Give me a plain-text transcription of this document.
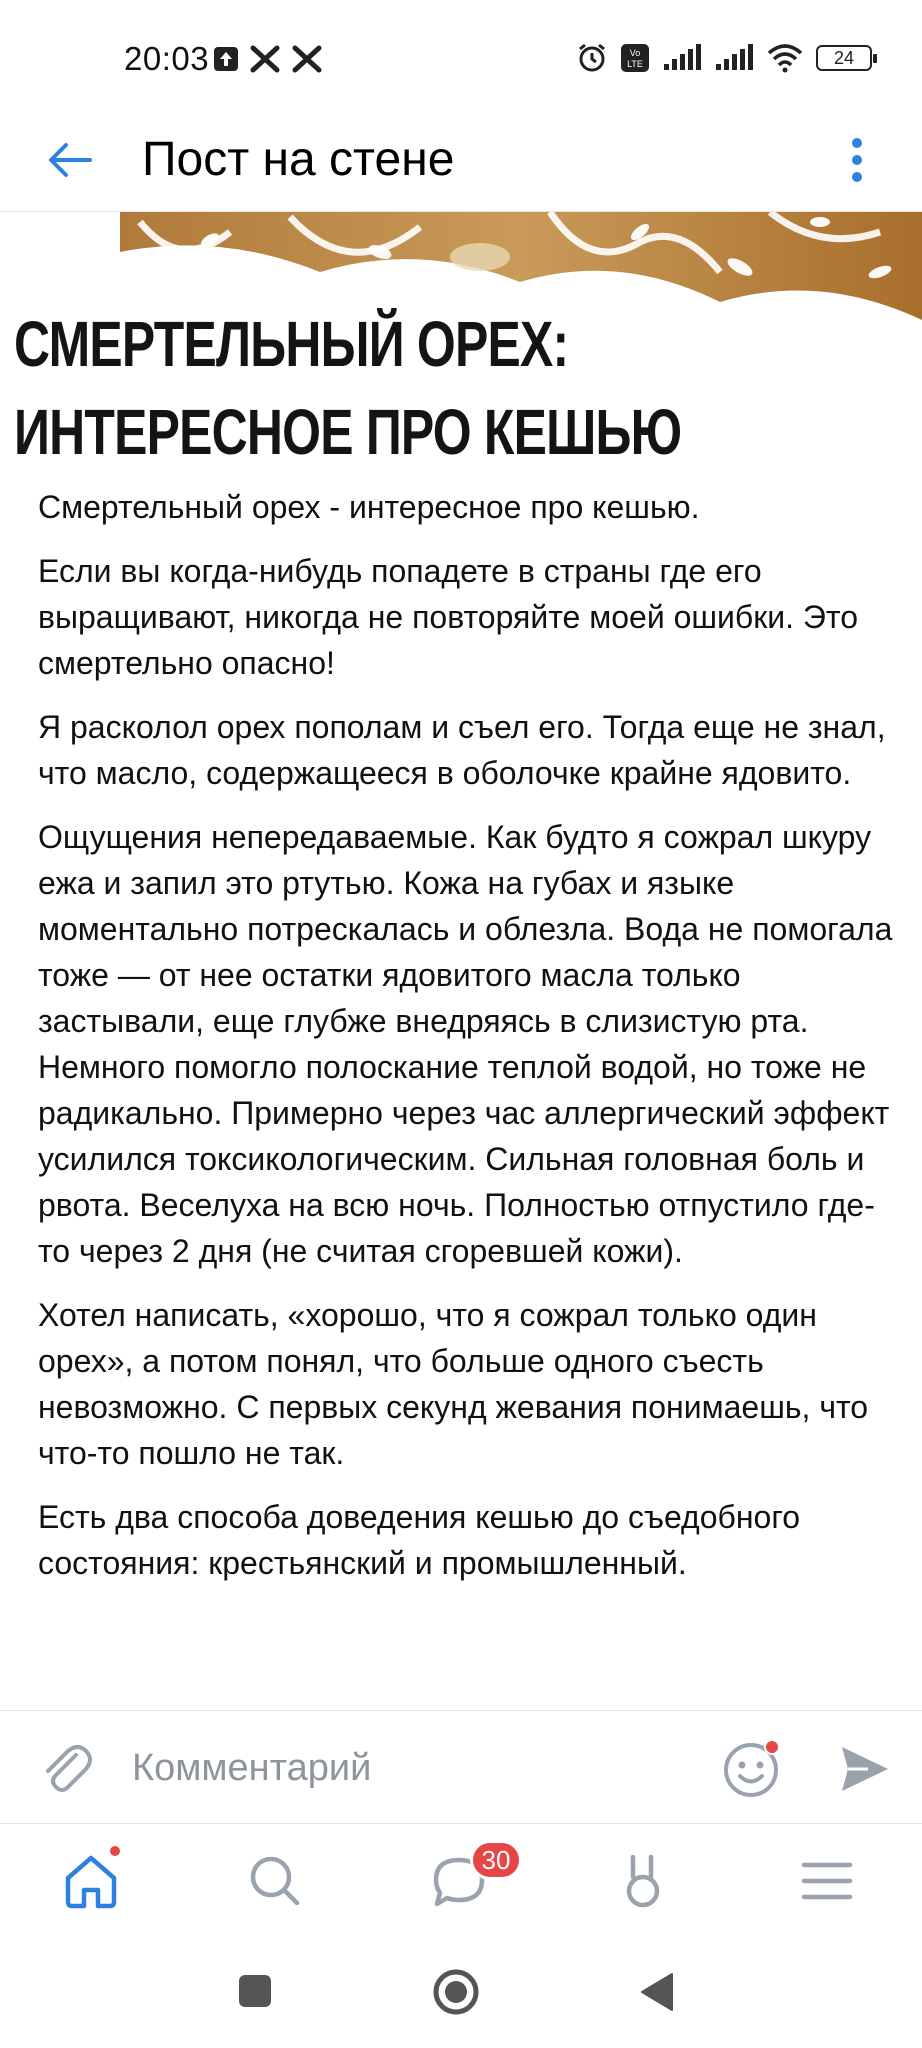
20:03	Vo
LTE	24
Пост на стене
СМЕРТЕЛЬНЫЙ ОРЕХ:
ИНТЕРЕСНОЕ ПРО КЕШЬЮ

Смертельный орех - интересное про кешью.

Если вы когда-нибудь попадете в страны где его выращивают, никогда не повторяйте моей ошибки. Это смертельно опасно!

Я расколол орех пополам и съел его. Тогда еще не знал, что масло, содержащееся в оболочке крайне ядовито.

Ощущения непередаваемые. Как будто я сожрал шкуру ежа и запил это ртутью. Кожа на губах и языке моментально потрескалась и облезла. Вода не помогала тоже — от нее остатки ядовитого масла только застывали, еще глубже внедряясь в слизистую рта. Немного помогло полоскание теплой водой, но тоже не радикально. Примерно через час аллергический эффект усилился токсикологическим. Сильная головная боль и рвота. Веселуха на всю ночь. Полностью отпустило где-то через 2 дня (не считая сгоревшей кожи).

Хотел написать, «хорошо, что я сожрал только один орех», а потом понял, что больше одного съесть невозможно. С первых секунд жевания понимаешь, что что-то пошло не так.

Есть два способа доведения кешью до съедобного состояния: крестьянский и промышленный.

Комментарий
30
